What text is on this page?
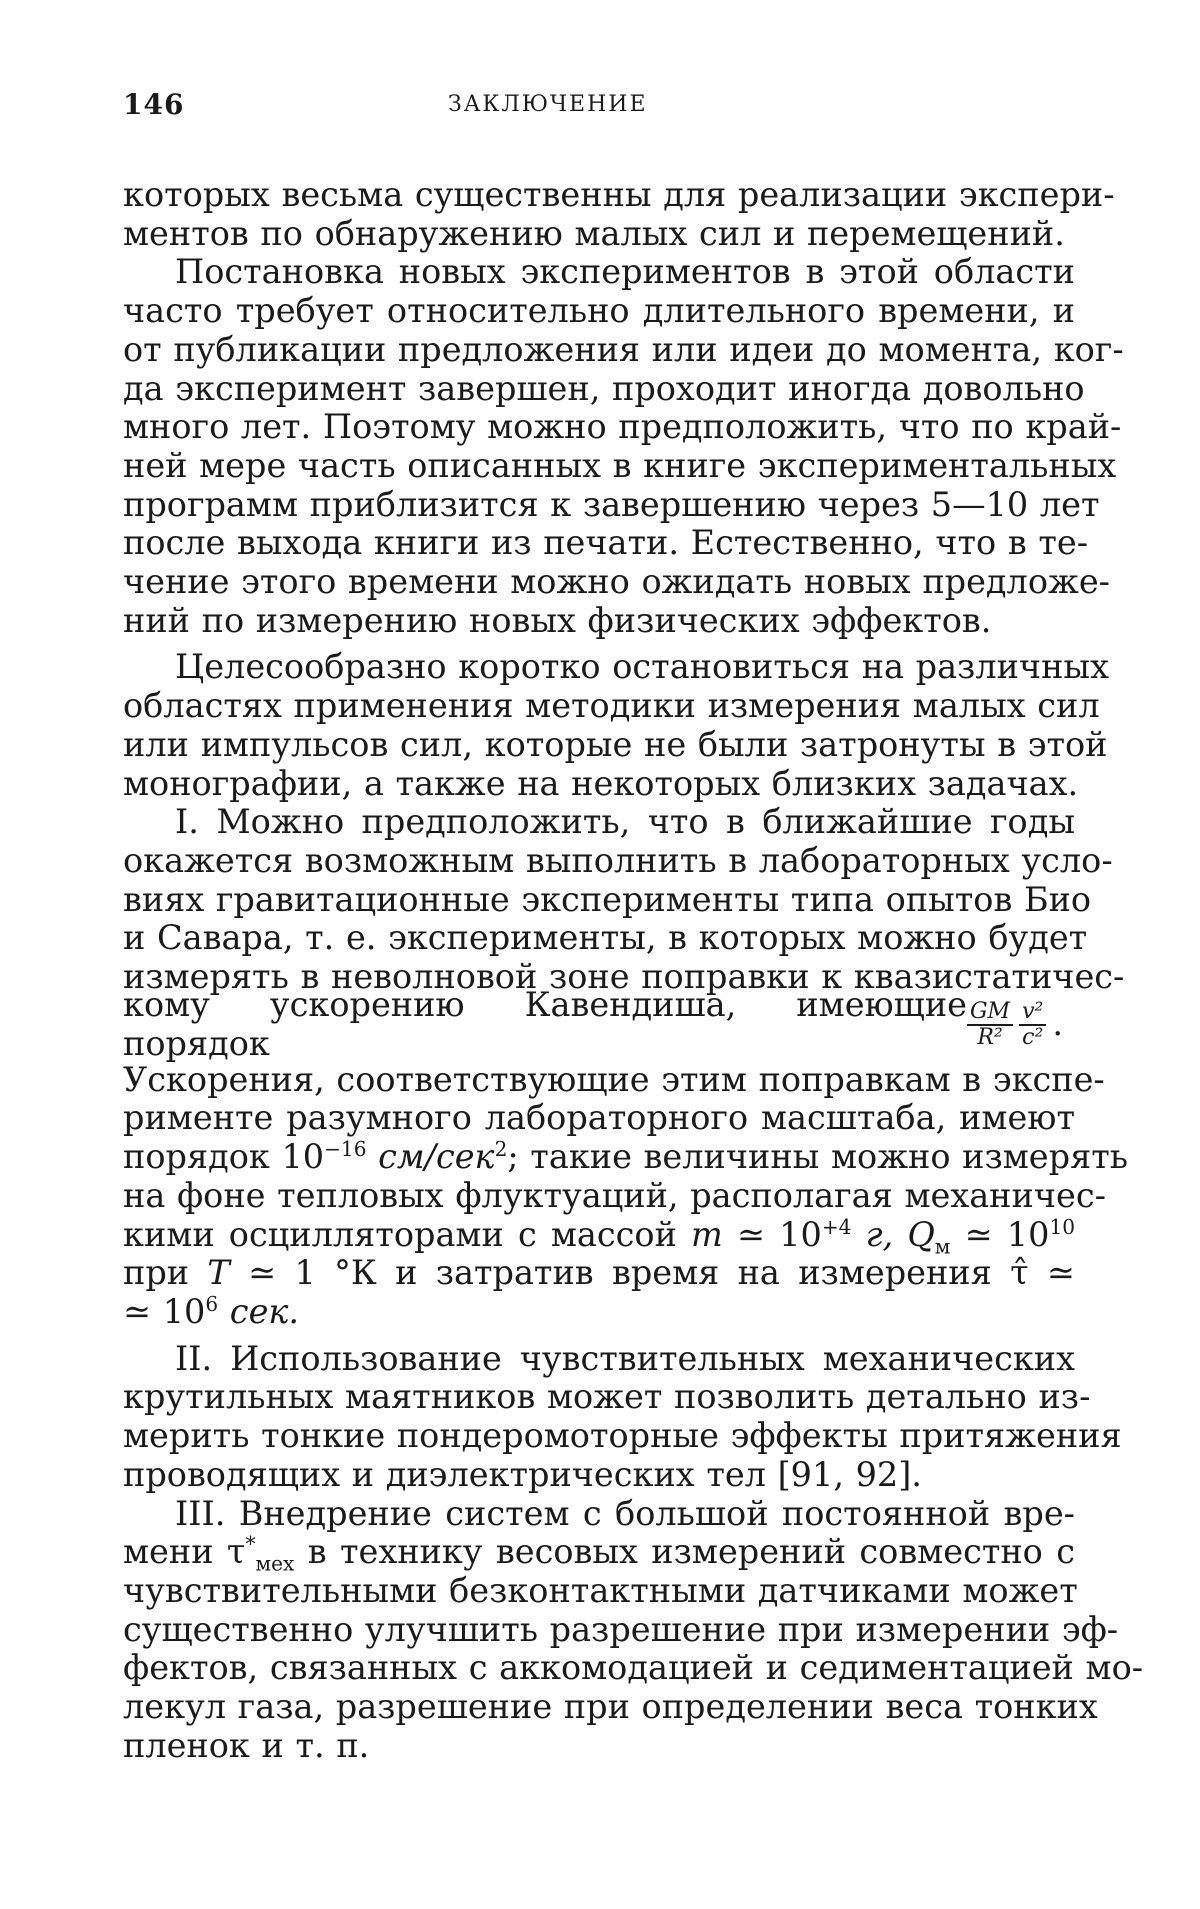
146	ЗАКЛЮЧЕНИЕ

которых весьма существенны для реализации экспери-
ментов по обнаружению малых сил и перемещений.

Постановка новых экспериментов в этой области
часто требует относительно длительного времени, и
от публикации предложения или идеи до момента, ког-
да эксперимент завершен, проходит иногда довольно
много лет. Поэтому можно предположить, что по край-
ней мере часть описанных в книге экспериментальных
программ приблизится к завершению через 5—10 лет
после выхода книги из печати. Естественно, что в те-
чение этого времени можно ожидать новых предложе-
ний по измерению новых физических эффектов.

Целесообразно коротко остановиться на различных
областях применения методики измерения малых сил
или импульсов сил, которые не были затронуты в этой
монографии, а также на некоторых близких задачах.

I. Можно предположить, что в ближайшие годы
окажется возможным выполнить в лабораторных усло-
виях гравитационные эксперименты типа опытов Био
и Савара, т. е. эксперименты, в которых можно будет
измерять в неволновой зоне поправки к квазистатичес-
кому ускорению Кавендиша, имеющие порядок	$\frac{GM}{\text{R²}} \frac{\text{v²}}{\text{c²}}$ .
Ускорения, соответствующие этим поправкам в экспе-
рименте разумного лабораторного масштаба, имеют
порядок $10^{-16}$ см/сек$^2$; такие величины можно измерять
на фоне тепловых флуктуаций, располагая механичес-
кими осцилляторами с массой m ≃ $10^{+4}$ г, $Q_м$ ≃ $10^{10}$
при T ≃ 1 °К и затратив время на измерения τ̂ ≃
≃ $10^6$ сек.

II. Использование чувствительных механических
крутильных маятников может позволить детально из-
мерить тонкие пондеромоторные эффекты притяжения
проводящих и диэлектрических тел [91, 92].

III. Внедрение систем с большой постоянной вре-
мени $\tau^*_{мех}$ в технику весовых измерений совместно с
чувствительными безконтактными датчиками может
существенно улучшить разрешение при измерении эф-
фектов, связанных с аккомодацией и седиментацией мо-
лекул газа, разрешение при определении веса тонких
пленок и т. п.
